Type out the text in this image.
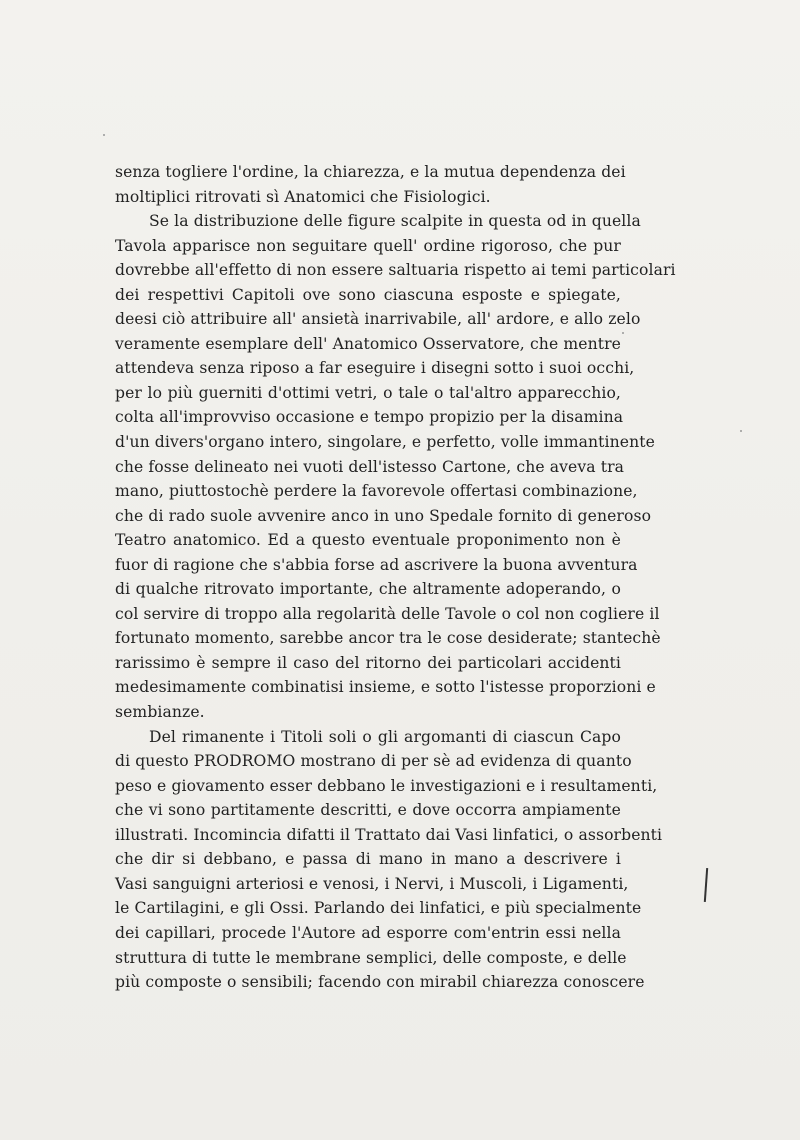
senza togliere l'ordine, la chiarezza, e la mutua dependenza dei
moltiplici ritrovati sì Anatomici che Fisiologici.
Se la distribuzione delle figure scalpite in questa od in quella
Tavola apparisce non seguitare quell' ordine rigoroso, che pur
dovrebbe all'effetto di non essere saltuaria rispetto ai temi particolari
dei respettivi Capitoli ove sono ciascuna esposte e spiegate,
deesi ciò attribuire all' ansietà inarrivabile, all' ardore, e allo zelo
veramente esemplare dell' Anatomico Osservatore, che mentre
attendeva senza riposo a far eseguire i disegni sotto i suoi occhi,
per lo più guerniti d'ottimi vetri, o tale o tal'altro apparecchio,
colta all'improvviso occasione e tempo propizio per la disamina
d'un divers'organo intero, singolare, e perfetto, volle immantinente
che fosse delineato nei vuoti dell'istesso Cartone, che aveva tra
mano, piuttostochè perdere la favorevole offertasi combinazione,
che di rado suole avvenire anco in uno Spedale fornito di generoso
Teatro anatomico. Ed a questo eventuale proponimento non è
fuor di ragione che s'abbia forse ad ascrivere la buona avventura
di qualche ritrovato importante, che altramente adoperando, o
col servire di troppo alla regolarità delle Tavole o col non cogliere il
fortunato momento, sarebbe ancor tra le cose desiderate; stantechè
rarissimo è sempre il caso del ritorno dei particolari accidenti
medesimamente combinatisi insieme, e sotto l'istesse proporzioni e
sembianze.
Del rimanente i Titoli soli o gli argomanti di ciascun Capo
di questo PRODROMO mostrano di per sè ad evidenza di quanto
peso e giovamento esser debbano le investigazioni e i resultamenti,
che vi sono partitamente descritti, e dove occorra ampiamente
illustrati. Incomincia difatti il Trattato dai Vasi linfatici, o assorbenti
che dir si debbano, e passa di mano in mano a descrivere i
Vasi sanguigni arteriosi e venosi, i Nervi, i Muscoli, i Ligamenti,
le Cartilagini, e gli Ossi. Parlando dei linfatici, e più specialmente
dei capillari, procede l'Autore ad esporre com'entrin essi nella
struttura di tutte le membrane semplici, delle composte, e delle
più composte o sensibili; facendo con mirabil chiarezza conoscere
